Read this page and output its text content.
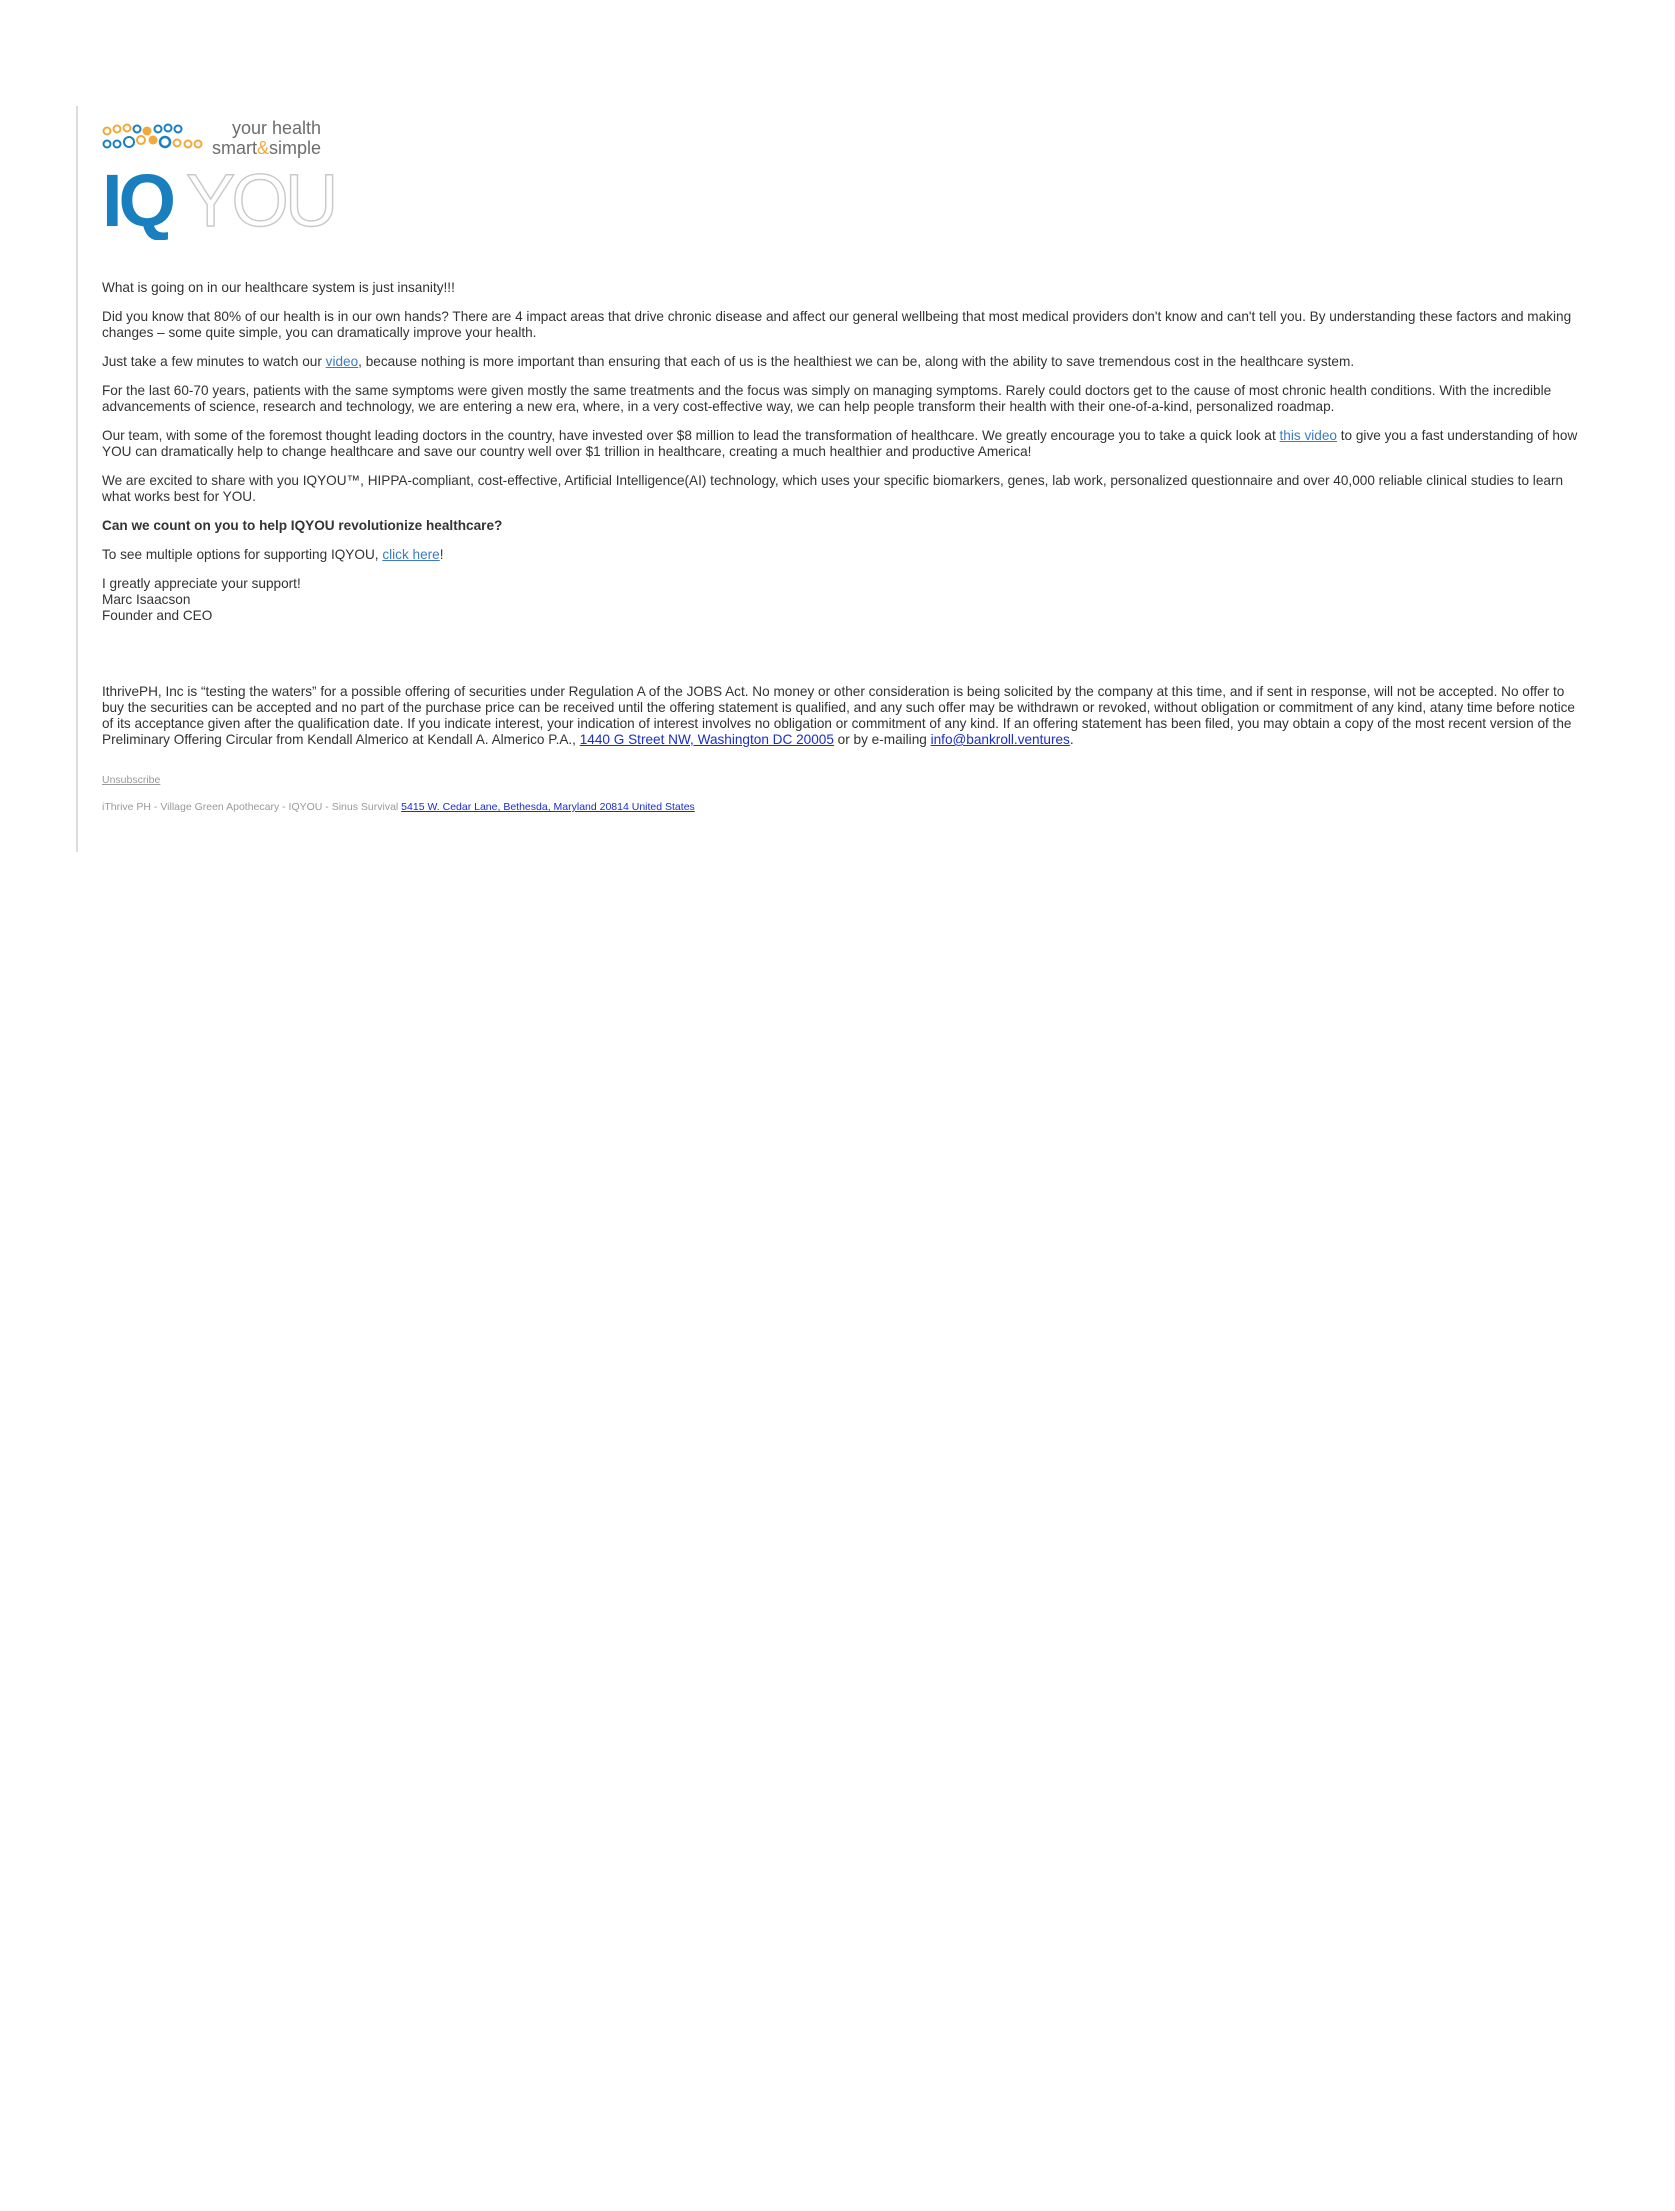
your health
smart&simple
IQ YOU

What is going on in our healthcare system is just insanity!!!

Did you know that 80% of our health is in our own hands? There are 4 impact areas that drive chronic disease and affect our general wellbeing that most medical providers don't know and can't tell you. By understanding these factors and making changes – some quite simple, you can dramatically improve your health.

Just take a few minutes to watch our video, because nothing is more important than ensuring that each of us is the healthiest we can be, along with the ability to save tremendous cost in the healthcare system.

For the last 60-70 years, patients with the same symptoms were given mostly the same treatments and the focus was simply on managing symptoms. Rarely could doctors get to the cause of most chronic health conditions. With the incredible advancements of science, research and technology, we are entering a new era, where, in a very cost-effective way, we can help people transform their health with their one-of-a-kind, personalized roadmap.

Our team, with some of the foremost thought leading doctors in the country, have invested over $8 million to lead the transformation of healthcare. We greatly encourage you to take a quick look at this video to give you a fast understanding of how YOU can dramatically help to change healthcare and save our country well over $1 trillion in healthcare, creating a much healthier and productive America!

We are excited to share with you IQYOU™, HIPPA-compliant, cost-effective, Artificial Intelligence(AI) technology, which uses your specific biomarkers, genes, lab work, personalized questionnaire and over 40,000 reliable clinical studies to learn what works best for YOU.

Can we count on you to help IQYOU revolutionize healthcare?

To see multiple options for supporting IQYOU, click here!

I greatly appreciate your support!
Marc Isaacson
Founder and CEO
IthrivePH, Inc is “testing the waters” for a possible offering of securities under Regulation A of the JOBS Act. No money or other consideration is being solicited by the company at this time, and if sent in response, will not be accepted. No offer to buy the securities can be accepted and no part of the purchase price can be received until the offering statement is qualified, and any such offer may be withdrawn or revoked, without obligation or commitment of any kind, atany time before notice of its acceptance given after the qualification date. If you indicate interest, your indication of interest involves no obligation or commitment of any kind. If an offering statement has been filed, you may obtain a copy of the most recent version of the Preliminary Offering Circular from Kendall Almerico at Kendall A. Almerico P.A., 1440 G Street NW, Washington DC 20005 or by e-mailing info@bankroll.ventures.
Unsubscribe
iThrive PH - Village Green Apothecary - IQYOU - Sinus Survival 5415 W. Cedar Lane, Bethesda, Maryland 20814 United States
